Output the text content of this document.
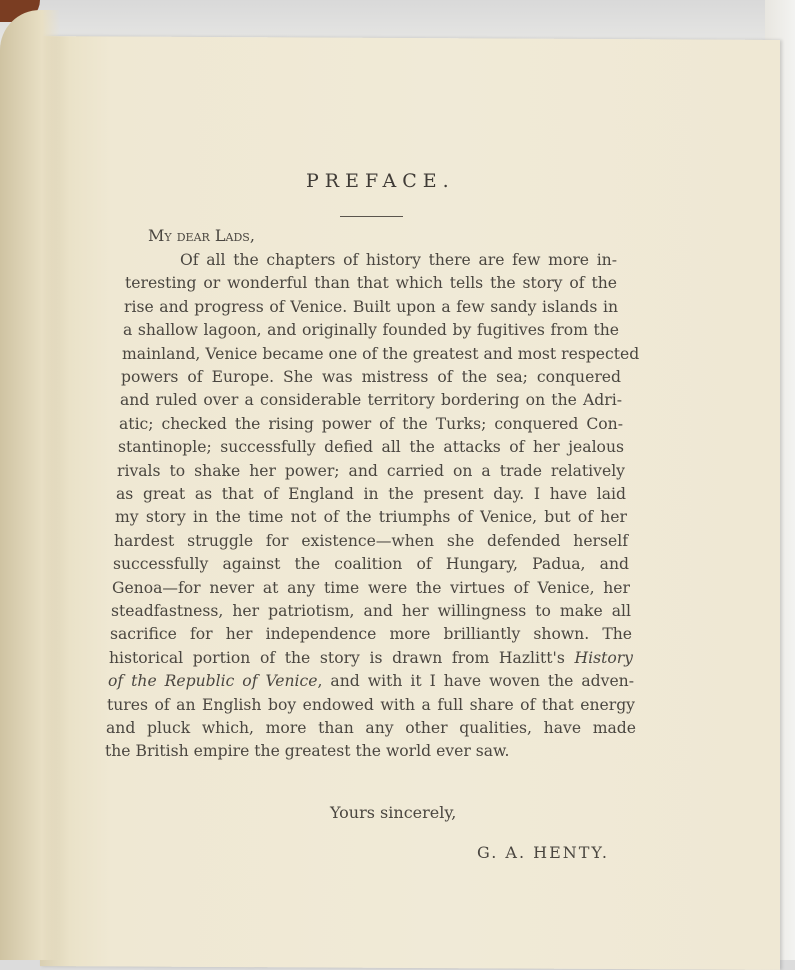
PREFACE.
My dear Lads,
Of all the chapters of history there are few more in-
teresting or wonderful than that which tells the story of the
rise and progress of Venice. Built upon a few sandy islands in
a shallow lagoon, and originally founded by fugitives from the
mainland, Venice became one of the greatest and most respected
powers of Europe. She was mistress of the sea; conquered
and ruled over a considerable territory bordering on the Adri-
atic; checked the rising power of the Turks; conquered Con-
stantinople; successfully defied all the attacks of her jealous
rivals to shake her power; and carried on a trade relatively
as great as that of England in the present day. I have laid
my story in the time not of the triumphs of Venice, but of her
hardest struggle for existence—when she defended herself
successfully against the coalition of Hungary, Padua, and
Genoa—for never at any time were the virtues of Venice, her
steadfastness, her patriotism, and her willingness to make all
sacrifice for her independence more brilliantly shown. The
historical portion of the story is drawn from Hazlitt's History
of the Republic of Venice, and with it I have woven the adven-
tures of an English boy endowed with a full share of that energy
and pluck which, more than any other qualities, have made
the British empire the greatest the world ever saw.
Yours sincerely,
G. A. HENTY.
